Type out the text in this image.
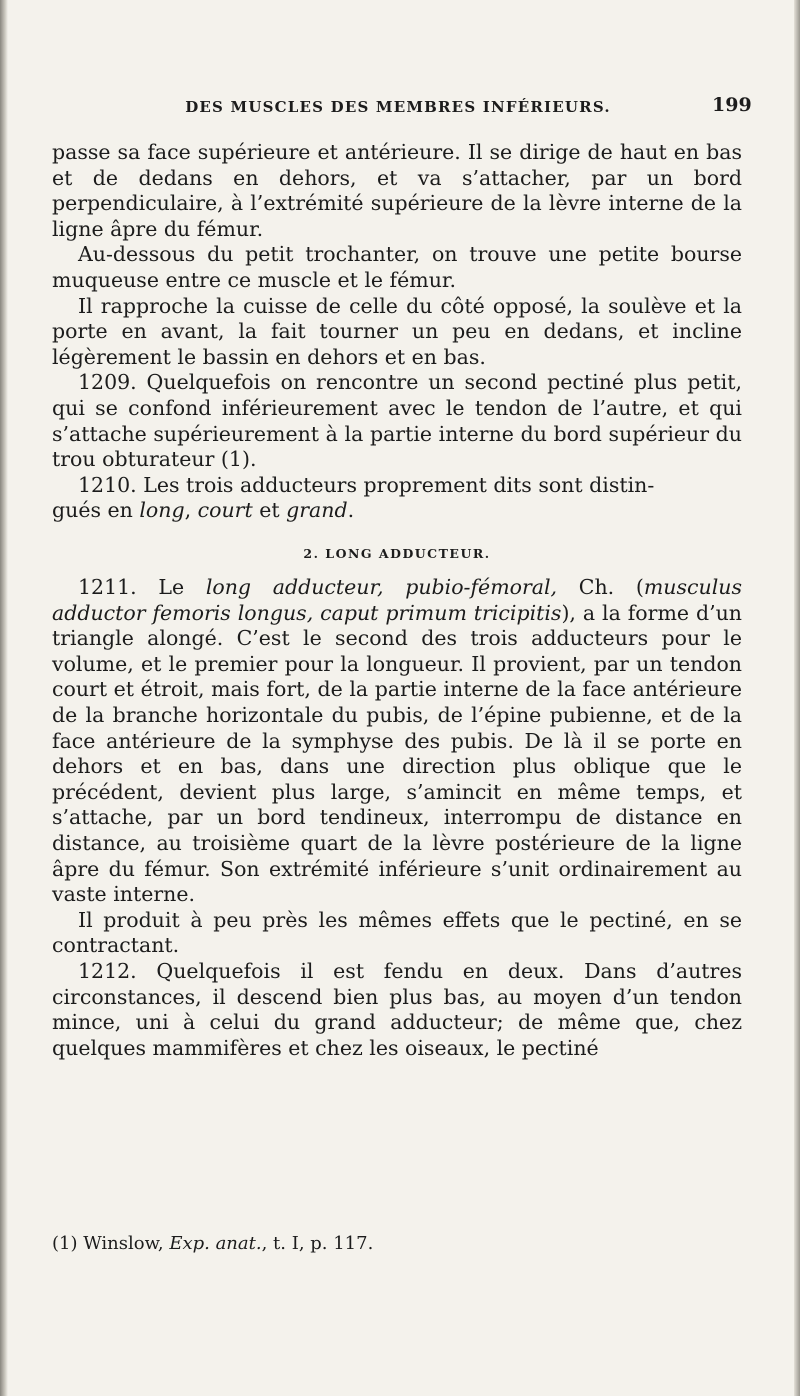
DES MUSCLES DES MEMBRES INFÉRIEURS.	199

passe sa face supérieure et antérieure. Il se dirige de haut en bas et de dedans en dehors, et va s’attacher, par un bord perpendiculaire, à l’extrémité supérieure de la lèvre interne de la ligne âpre du fémur.

Au-dessous du petit trochanter, on trouve une petite bourse muqueuse entre ce muscle et le fémur.

Il rapproche la cuisse de celle du côté opposé, la soulève et la porte en avant, la fait tourner un peu en dedans, et incline légèrement le bassin en dehors et en bas.

1209. Quelquefois on rencontre un second pectiné plus petit, qui se confond inférieurement avec le tendon de l’autre, et qui s’attache supérieurement à la partie interne du bord supérieur du trou obturateur (1).

1210. Les trois adducteurs proprement dits sont distin-
gués en long, court et grand.

2. LONG ADDUCTEUR.

1211. Le long adducteur, pubio-fémoral, Ch. (musculus adductor femoris longus, caput primum tricipitis), a la forme d’un triangle alongé. C’est le second des trois adducteurs pour le volume, et le premier pour la longueur. Il provient, par un tendon court et étroit, mais fort, de la partie interne de la face antérieure de la branche horizontale du pubis, de l’épine pubienne, et de la face antérieure de la symphyse des pubis. De là il se porte en dehors et en bas, dans une direction plus oblique que le précédent, devient plus large, s’amincit en même temps, et s’attache, par un bord tendineux, interrompu de distance en distance, au troisième quart de la lèvre postérieure de la ligne âpre du fémur. Son extrémité inférieure s’unit ordinairement au vaste interne.

Il produit à peu près les mêmes effets que le pectiné, en se contractant.

1212. Quelquefois il est fendu en deux. Dans d’autres circonstances, il descend bien plus bas, au moyen d’un tendon mince, uni à celui du grand adducteur; de même que, chez quelques mammifères et chez les oiseaux, le pectiné

(1) Winslow, Exp. anat., t. I, p. 117.
